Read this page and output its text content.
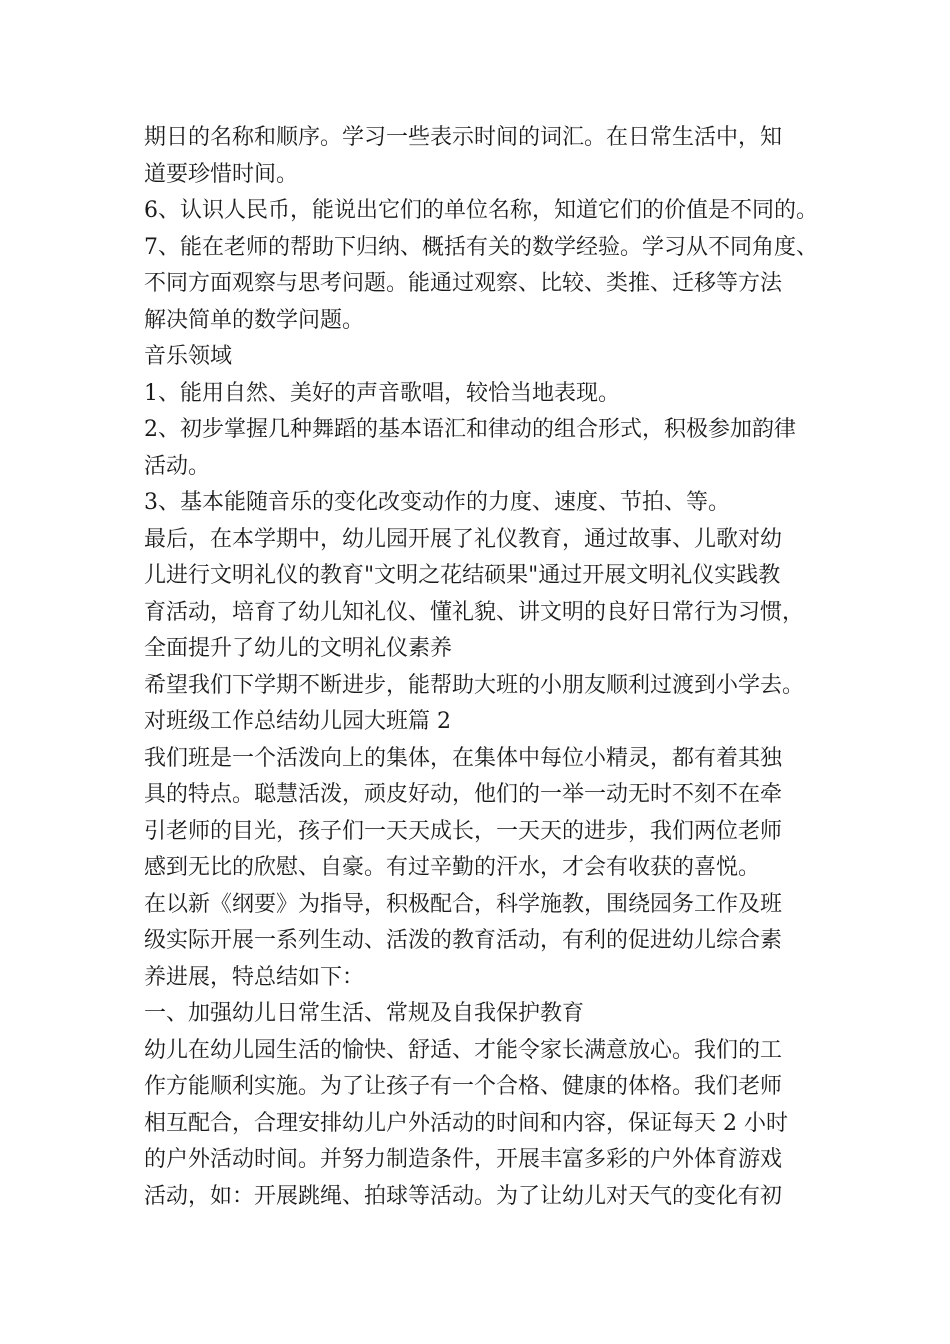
期日的名称和顺序。学习一些表示时间的词汇。在日常生活中，知
道要珍惜时间。
6、认识人民币，能说出它们的单位名称，知道它们的价值是不同的。
7、能在老师的帮助下归纳、概括有关的数学经验。学习从不同角度、
不同方面观察与思考问题。能通过观察、比较、类推、迁移等方法
解决简单的数学问题。
音乐领域
1、能用自然、美好的声音歌唱，较恰当地表现。
2、初步掌握几种舞蹈的基本语汇和律动的组合形式，积极参加韵律
活动。
3、基本能随音乐的变化改变动作的力度、速度、节拍、等。
最后，在本学期中，幼儿园开展了礼仪教育，通过故事、儿歌对幼
儿进行文明礼仪的教育"文明之花结硕果"通过开展文明礼仪实践教
育活动，培育了幼儿知礼仪、懂礼貌、讲文明的良好日常行为习惯，
全面提升了幼儿的文明礼仪素养
希望我们下学期不断进步，能帮助大班的小朋友顺利过渡到小学去。
对班级工作总结幼儿园大班篇 2
我们班是一个活泼向上的集体，在集体中每位小精灵，都有着其独
具的特点。聪慧活泼，顽皮好动，他们的一举一动无时不刻不在牵
引老师的目光，孩子们一天天成长，一天天的进步，我们两位老师
感到无比的欣慰、自豪。有过辛勤的汗水，才会有收获的喜悦。
在以新《纲要》为指导，积极配合，科学施教，围绕园务工作及班
级实际开展一系列生动、活泼的教育活动，有利的促进幼儿综合素
养进展，特总结如下：
一、加强幼儿日常生活、常规及自我保护教育
幼儿在幼儿园生活的愉快、舒适、才能令家长满意放心。我们的工
作方能顺利实施。为了让孩子有一个合格、健康的体格。我们老师
相互配合，合理安排幼儿户外活动的时间和内容，保证每天 2 小时
的户外活动时间。并努力制造条件，开展丰富多彩的户外体育游戏
活动，如：开展跳绳、拍球等活动。为了让幼儿对天气的变化有初
